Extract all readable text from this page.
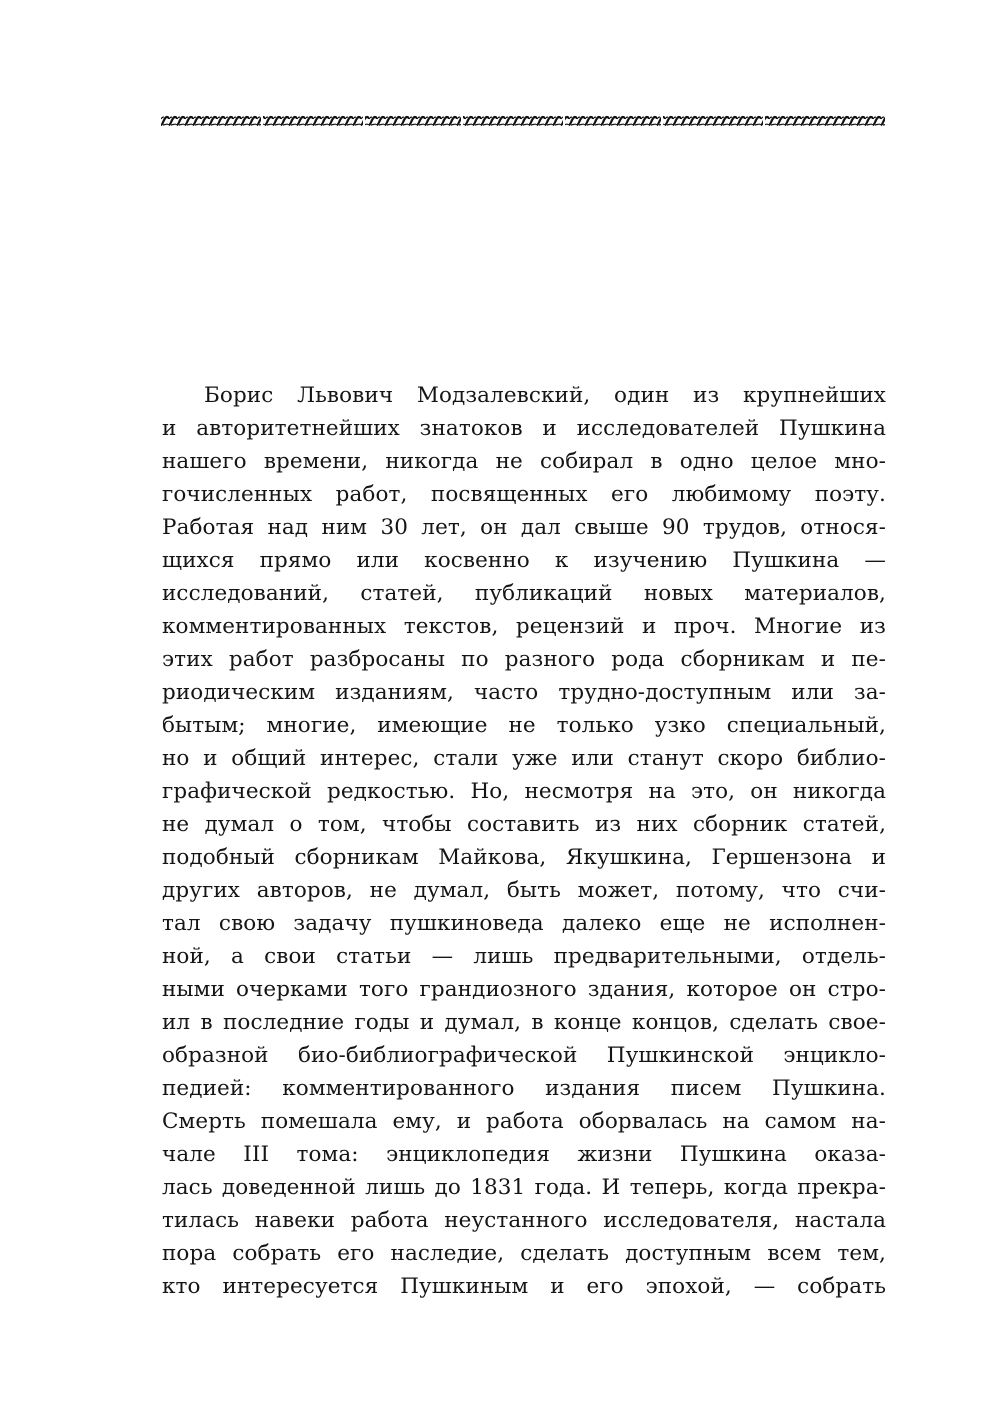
Борис Львович Модзалевский, один из крупнейших
и авторитетнейших знатоков и исследователей Пушкина
нашего времени, никогда не собирал в одно целое мно-
гочисленных работ, посвященных его любимому поэту.
Работая над ним 30 лет, он дал свыше 90 трудов, относя-
щихся прямо или косвенно к изучению Пушкина —
исследований, статей, публикаций новых материалов,
комментированных текстов, рецензий и проч. Многие из
этих работ разбросаны по разного рода сборникам и пе-
риодическим изданиям, часто трудно-доступным или за-
бытым; многие, имеющие не только узко специальный,
но и общий интерес, стали уже или станут скоро библио-
графической редкостью. Но, несмотря на это, он никогда
не думал о том, чтобы составить из них сборник статей,
подобный сборникам Майкова, Якушкина, Гершензона и
других авторов, не думал, быть может, потому, что счи-
тал свою задачу пушкиноведа далеко еще не исполнен-
ной, а свои статьи — лишь предварительными, отдель-
ными очерками того грандиозного здания, которое он стро-
ил в последние годы и думал, в конце концов, сделать свое-
образной био-библиографической Пушкинской энцикло-
педией: комментированного издания писем Пушкина.
Смерть помешала ему, и работа оборвалась на самом на-
чале III тома: энциклопедия жизни Пушкина оказа-
лась доведенной лишь до 1831 года. И теперь, когда прекра-
тилась навеки работа неустанного исследователя, настала
пора собрать его наследие, сделать доступным всем тем,
кто интересуется Пушкиным и его эпохой, — собрать
